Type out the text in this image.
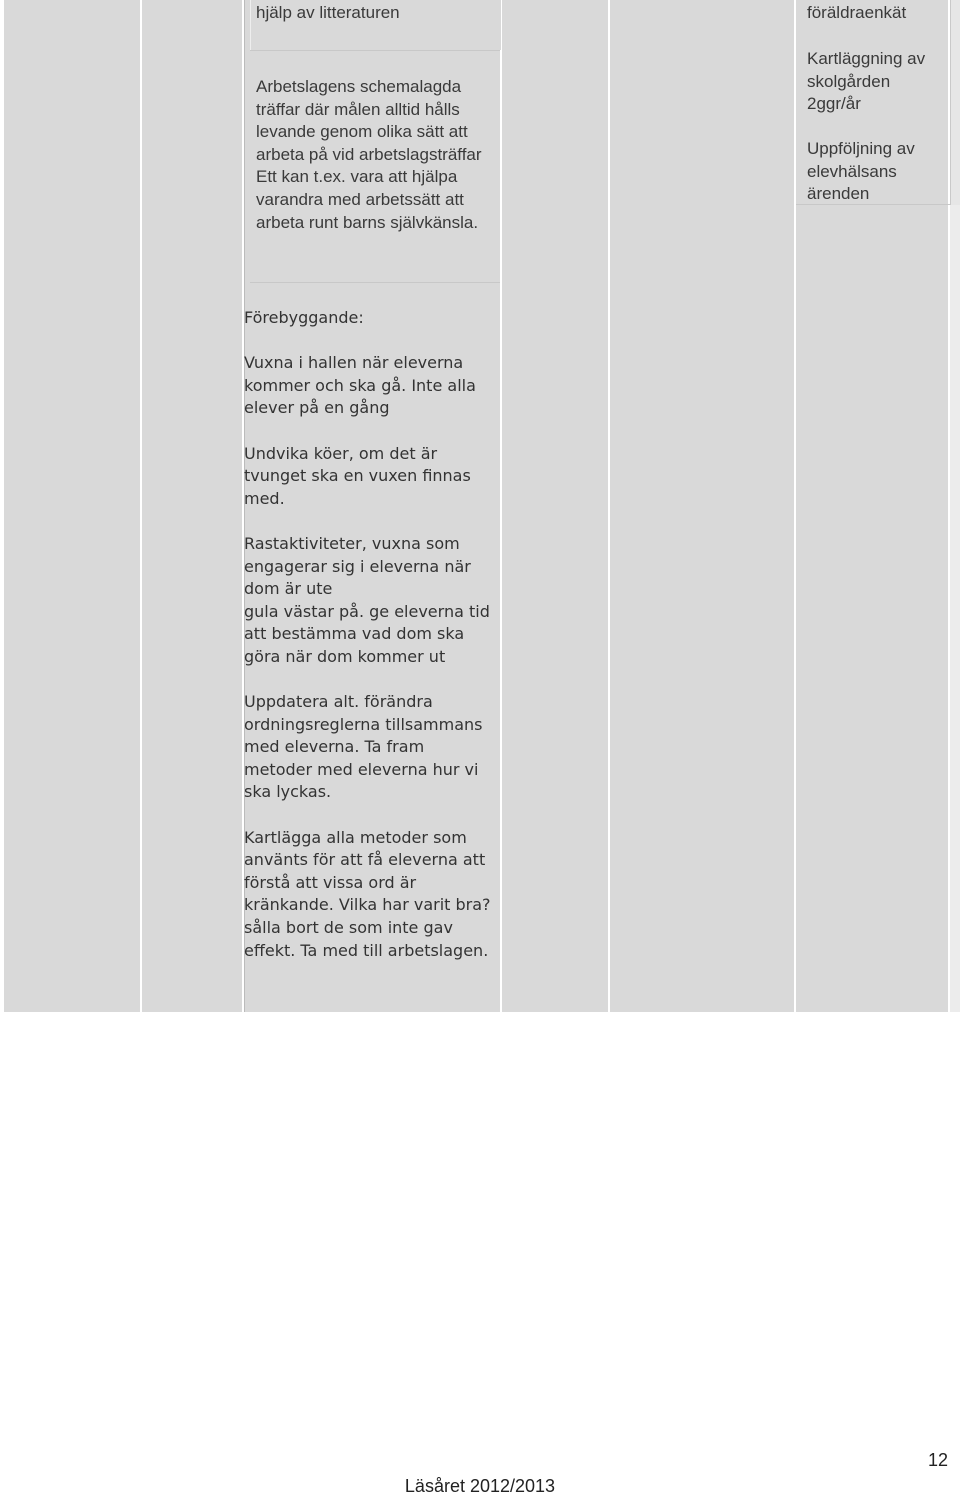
hjälp av litteraturen
Arbetslagens schemalagda
träffar där målen alltid hålls
levande genom olika sätt att
arbeta på vid arbetslagsträffar
Ett kan t.ex. vara att hjälpa
varandra med arbetssätt att
arbeta runt barns självkänsla.
föräldraenkät
Kartläggning av
skolgården
2ggr/år
Uppföljning av
elevhälsans
ärenden
Förebyggande:
Vuxna i hallen när eleverna
kommer och ska gå. Inte alla
elever på en gång
Undvika köer, om det är
tvunget ska en vuxen finnas
med.
Rastaktiviteter, vuxna som
engagerar sig i eleverna när
dom är ute
gula västar på. ge eleverna tid
att bestämma vad dom ska
göra när dom kommer ut
Uppdatera alt. förändra
ordningsreglerna tillsammans
med eleverna. Ta fram
metoder med eleverna hur vi
ska lyckas.
Kartlägga alla metoder som
använts för att få eleverna att
förstå att vissa ord är
kränkande. Vilka har varit bra?
sålla bort de som inte gav
effekt. Ta med till arbetslagen.
12
Läsåret 2012/2013
